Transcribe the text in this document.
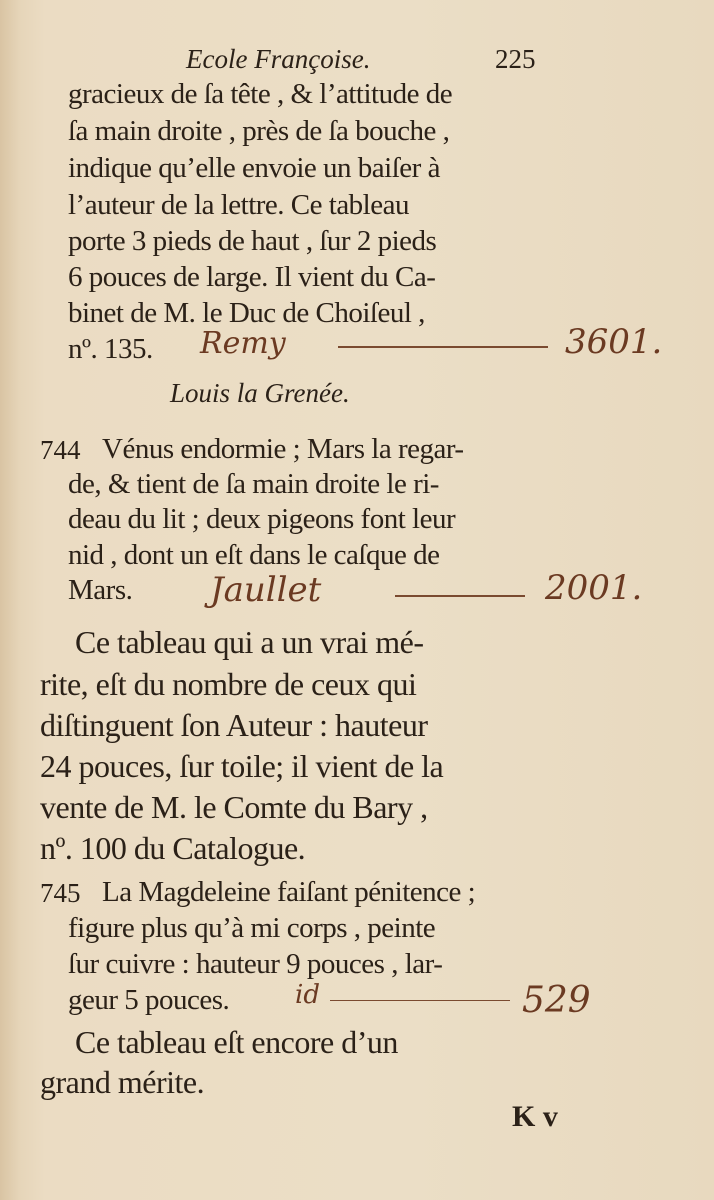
Ecole Françoise.	225
gracieux de ſa tête , & l’attitude de
ſa main droite , près de ſa bouche ,
indique qu’elle envoie un baiſer à
l’auteur de la lettre. Ce tableau
porte 3 pieds de haut , ſur 2 pieds
6 pouces de large. Il vient du Ca-
binet de M. le Duc de Choiſeul ,
nº. 135. Remy	3601.
Louis la Grenée.
744 Vénus endormie ; Mars la regar-
de, & tient de ſa main droite le ri-
deau du lit ; deux pigeons font leur
nid , dont un eſt dans le caſque de
Mars. Jaullet	2001.
Ce tableau qui a un vrai mé-
rite, eſt du nombre de ceux qui
diſtinguent ſon Auteur : hauteur
24 pouces, ſur toile; il vient de la
vente de M. le Comte du Bary ,
nº. 100 du Catalogue.
745 La Magdeleine faiſant pénitence ;
figure plus qu’à mi corps , peinte
ſur cuivre : hauteur 9 pouces , lar-
geur 5 pouces.	id	529
Ce tableau eſt encore d’un
grand mérite.
K v
